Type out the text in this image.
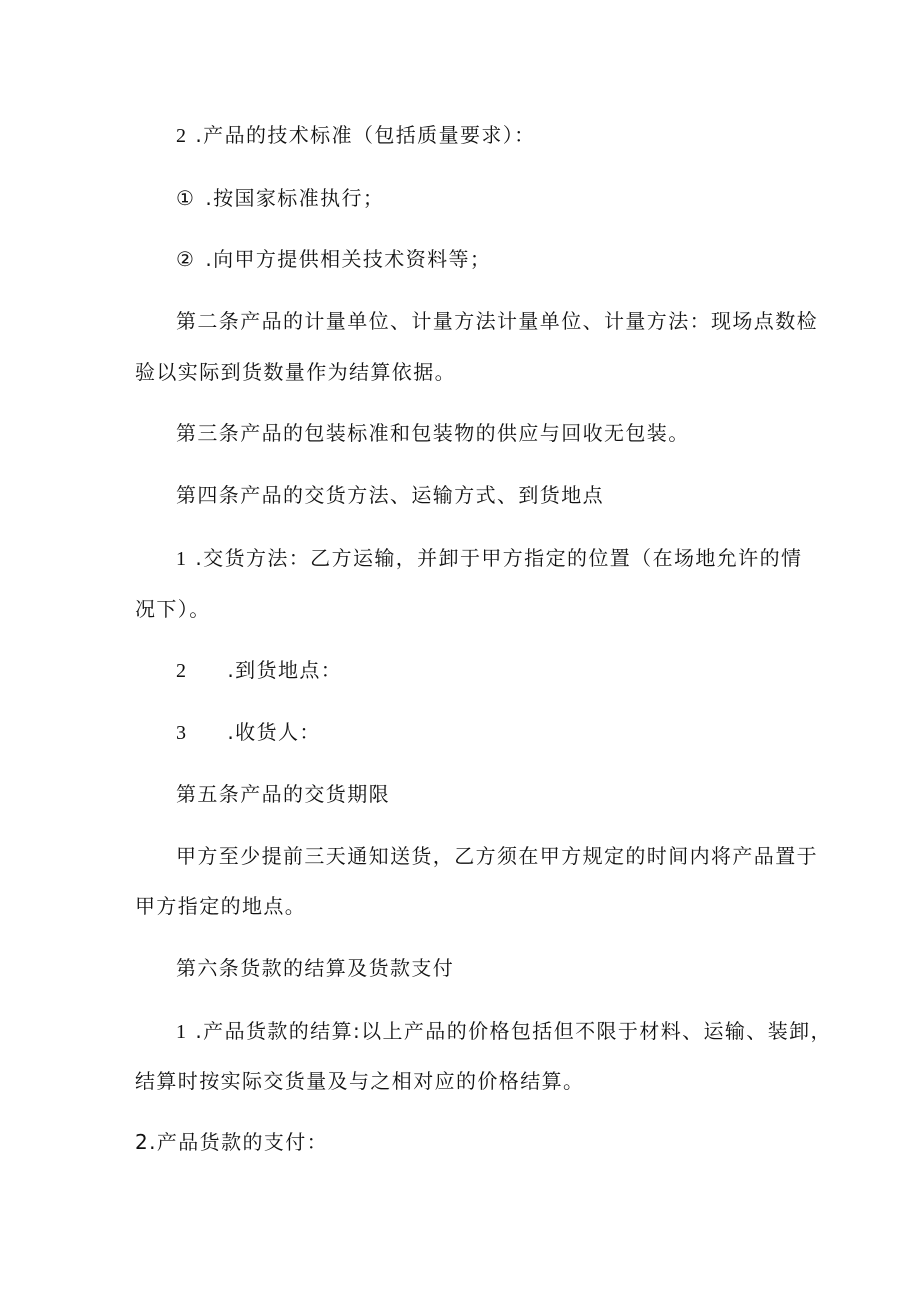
2 .产品的技术标准（包括质量要求）：
① .按国家标准执行；
② .向甲方提供相关技术资料等；
第二条产品的计量单位、计量方法计量单位、计量方法：现场点数检
验以实际到货数量作为结算依据。
第三条产品的包装标准和包装物的供应与回收无包装。
第四条产品的交货方法、运输方式、到货地点
1 .交货方法：乙方运输，并卸于甲方指定的位置（在场地允许的情
况下）。
2 .到货地点：
3 .收货人：
第五条产品的交货期限
甲方至少提前三天通知送货，乙方须在甲方规定的时间内将产品置于
甲方指定的地点。
第六条货款的结算及货款支付
1 .产品货款的结算:以上产品的价格包括但不限于材料、运输、装卸，
结算时按实际交货量及与之相对应的价格结算。
2.产品货款的支付：
